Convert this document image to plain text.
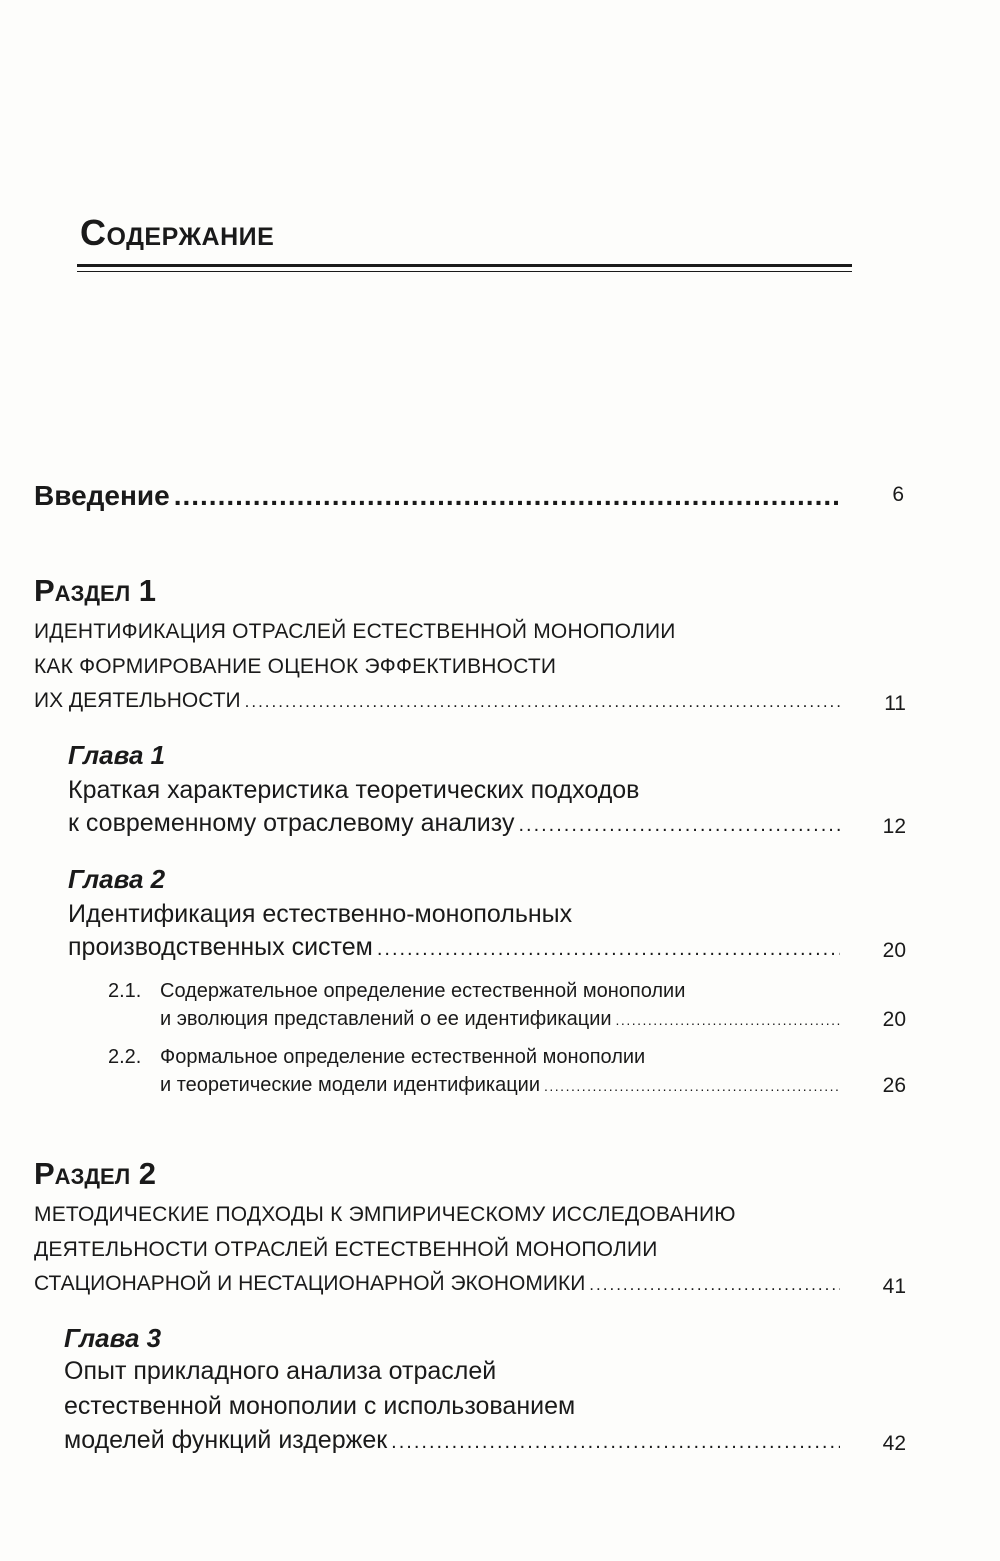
Содержание
Введение .....	6
Раздел 1
ИДЕНТИФИКАЦИЯ ОТРАСЛЕЙ ЕСТЕСТВЕННОЙ МОНОПОЛИИ
КАК ФОРМИРОВАНИЕ ОЦЕНОК ЭФФЕКТИВНОСТИ
ИХ ДЕЯТЕЛЬНОСТИ .....	11
Глава 1
Краткая характеристика теоретических подходов
к современному отраслевому анализу .....	12
Глава 2
Идентификация естественно-монопольных
производственных систем .....	20
2.1. Содержательное определение естественной монополии
и эволюция представлений о ее идентификации .....	20
2.2. Формальное определение естественной монополии
и теоретические модели идентификации .....	26
Раздел 2
МЕТОДИЧЕСКИЕ ПОДХОДЫ К ЭМПИРИЧЕСКОМУ ИССЛЕДОВАНИЮ
ДЕЯТЕЛЬНОСТИ ОТРАСЛЕЙ ЕСТЕСТВЕННОЙ МОНОПОЛИИ
СТАЦИОНАРНОЙ И НЕСТАЦИОНАРНОЙ ЭКОНОМИКИ .....	41
Глава 3
Опыт прикладного анализа отраслей
естественной монополии с использованием
моделей функций издержек .....	42
